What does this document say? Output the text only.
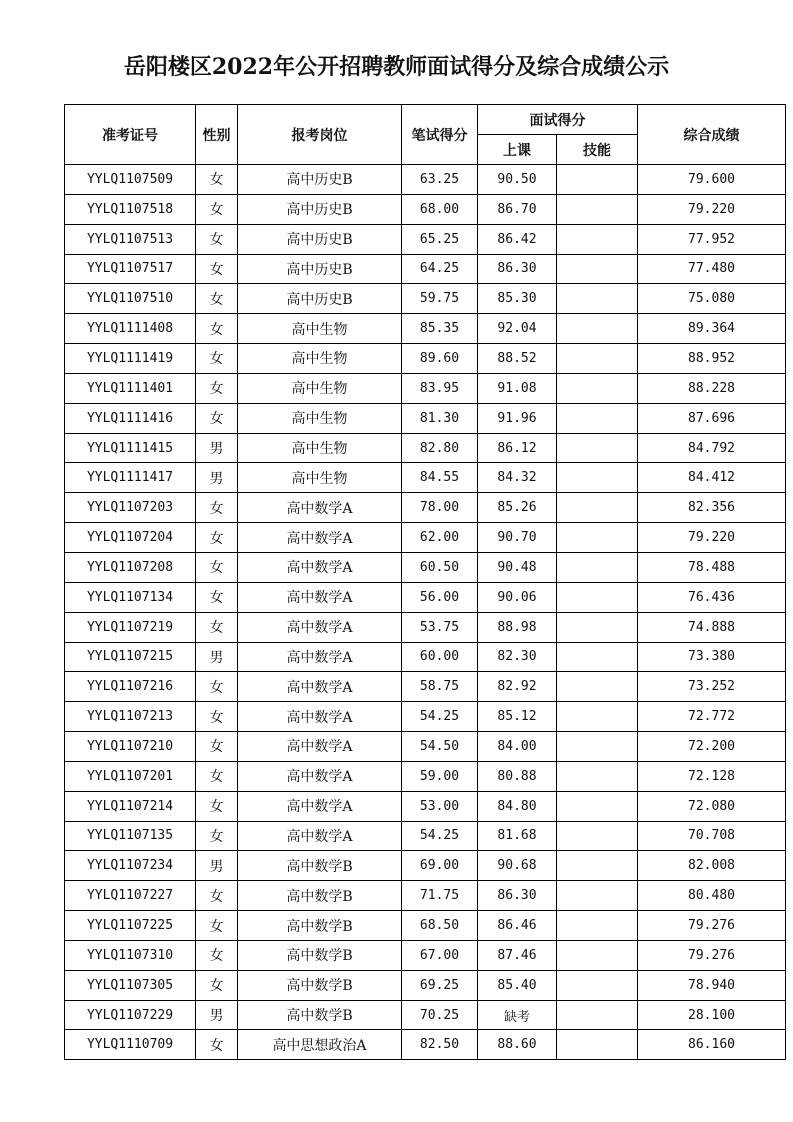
岳阳楼区2022年公开招聘教师面试得分及综合成绩公示
准考证号	性别	报考岗位	笔试得分	面试得分		综合成绩
				上课	技能	
YYLQ1107509	女	高中历史B	63.25	90.50		79.600
YYLQ1107518	女	高中历史B	68.00	86.70		79.220
YYLQ1107513	女	高中历史B	65.25	86.42		77.952
YYLQ1107517	女	高中历史B	64.25	86.30		77.480
YYLQ1107510	女	高中历史B	59.75	85.30		75.080
YYLQ1111408	女	高中生物	85.35	92.04		89.364
YYLQ1111419	女	高中生物	89.60	88.52		88.952
YYLQ1111401	女	高中生物	83.95	91.08		88.228
YYLQ1111416	女	高中生物	81.30	91.96		87.696
YYLQ1111415	男	高中生物	82.80	86.12		84.792
YYLQ1111417	男	高中生物	84.55	84.32		84.412
YYLQ1107203	女	高中数学A	78.00	85.26		82.356
YYLQ1107204	女	高中数学A	62.00	90.70		79.220
YYLQ1107208	女	高中数学A	60.50	90.48		78.488
YYLQ1107134	女	高中数学A	56.00	90.06		76.436
YYLQ1107219	女	高中数学A	53.75	88.98		74.888
YYLQ1107215	男	高中数学A	60.00	82.30		73.380
YYLQ1107216	女	高中数学A	58.75	82.92		73.252
YYLQ1107213	女	高中数学A	54.25	85.12		72.772
YYLQ1107210	女	高中数学A	54.50	84.00		72.200
YYLQ1107201	女	高中数学A	59.00	80.88		72.128
YYLQ1107214	女	高中数学A	53.00	84.80		72.080
YYLQ1107135	女	高中数学A	54.25	81.68		70.708
YYLQ1107234	男	高中数学B	69.00	90.68		82.008
YYLQ1107227	女	高中数学B	71.75	86.30		80.480
YYLQ1107225	女	高中数学B	68.50	86.46		79.276
YYLQ1107310	女	高中数学B	67.00	87.46		79.276
YYLQ1107305	女	高中数学B	69.25	85.40		78.940
YYLQ1107229	男	高中数学B	70.25	缺考		28.100
YYLQ1110709	女	高中思想政治A	82.50	88.60		86.160
